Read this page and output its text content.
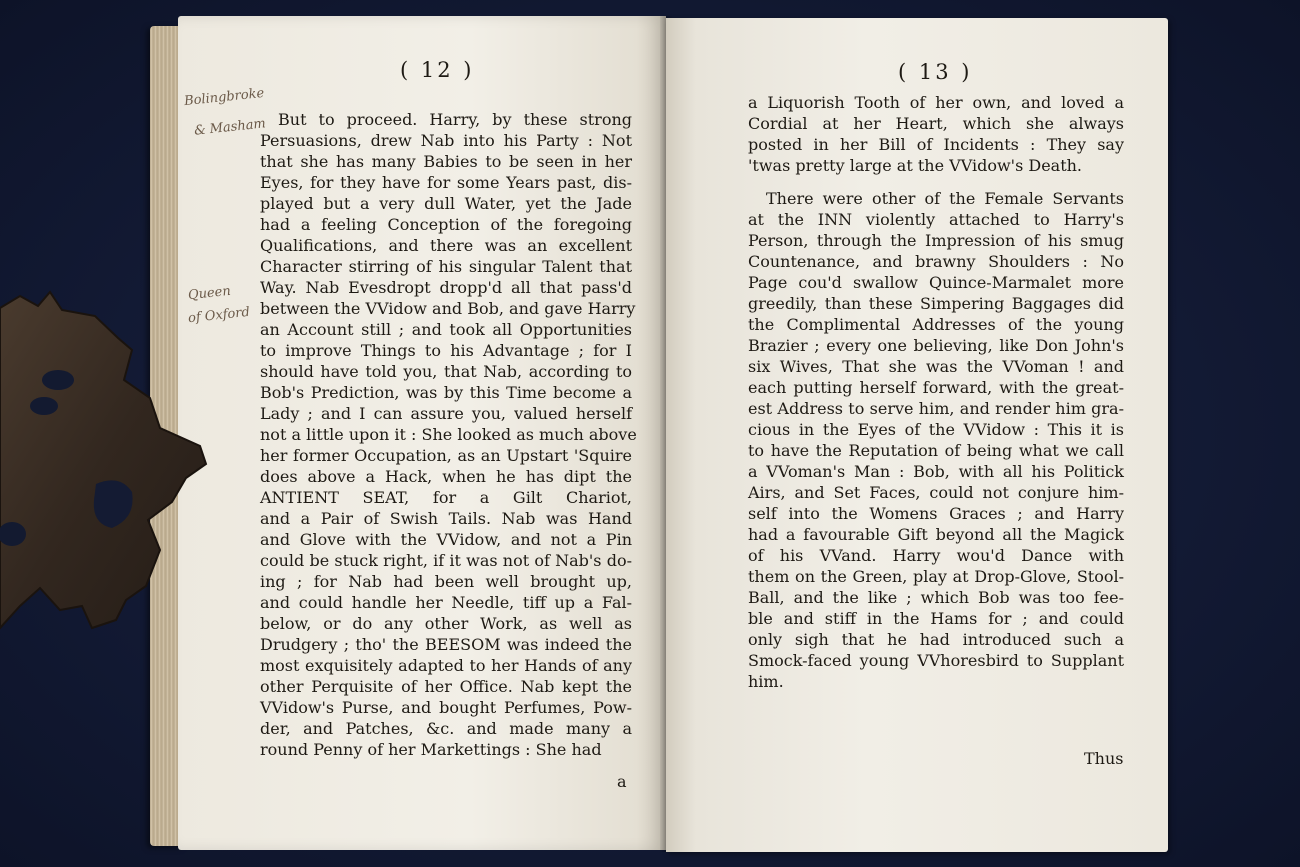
( 12 )
Bolingbroke
& Masham
Queen
of Oxford
But to proceed. Harry, by these strong
Persuasions, drew Nab into his Party : Not
that she has many Babies to be seen in her
Eyes, for they have for some Years past, dis-
played but a very dull Water, yet the Jade
had a feeling Conception of the foregoing
Qualifications, and there was an excellent
Character stirring of his singular Talent that
Way. Nab Evesdropt dropp'd all that pass'd
between the VVidow and Bob, and gave Harry
an Account still ; and took all Opportunities
to improve Things to his Advantage ; for I
should have told you, that Nab, according to
Bob's Prediction, was by this Time become a
Lady ; and I can assure you, valued herself
not a little upon it : She looked as much above
her former Occupation, as an Upstart 'Squire
does above a Hack, when he has dipt the
ANTIENT SEAT, for a Gilt Chariot,
and a Pair of Swish Tails. Nab was Hand
and Glove with the VVidow, and not a Pin
could be stuck right, if it was not of Nab's do-
ing ; for Nab had been well brought up,
and could handle her Needle, tiff up a Fal-
below, or do any other Work, as well as
Drudgery ; tho' the BEESOM was indeed the
most exquisitely adapted to her Hands of any
other Perquisite of her Office. Nab kept the
VVidow's Purse, and bought Perfumes, Pow-
der, and Patches, &c. and made many a
round Penny of her Markettings : She had
a
( 13 )
a Liquorish Tooth of her own, and loved a
Cordial at her Heart, which she always
posted in her Bill of Incidents : They say
'twas pretty large at the VVidow's Death.
There were other of the Female Servants
at the INN violently attached to Harry's
Person, through the Impression of his smug
Countenance, and brawny Shoulders : No
Page cou'd swallow Quince-Marmalet more
greedily, than these Simpering Baggages did
the Complimental Addresses of the young
Brazier ; every one believing, like Don John's
six Wives, That she was the VVoman ! and
each putting herself forward, with the great-
est Address to serve him, and render him gra-
cious in the Eyes of the VVidow : This it is
to have the Reputation of being what we call
a VVoman's Man : Bob, with all his Politick
Airs, and Set Faces, could not conjure him-
self into the Womens Graces ; and Harry
had a favourable Gift beyond all the Magick
of his VVand. Harry wou'd Dance with
them on the Green, play at Drop-Glove, Stool-
Ball, and the like ; which Bob was too fee-
ble and stiff in the Hams for ; and could
only sigh that he had introduced such a
Smock-faced young VVhoresbird to Supplant
him.
Thus
